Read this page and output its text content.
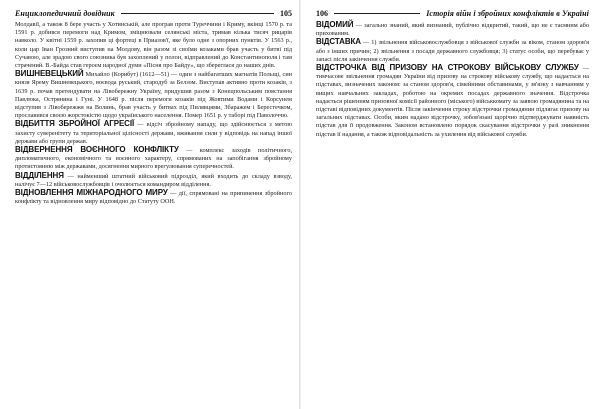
Енциклопедичний довідник	105

Молдавії, а також 8 бере участь у Хотинській, але програв проти Туреччини і Криму, вкінці 1570 р. та 1591 р. добився перемоги над Кримом, зміцнювали селянські міста, тримав кілька тисяч рицарів навколо. У квітні 1559 р. захопив ці фортеці в Приазов'ї, яке було одне з опорних пунктів. У 1563 р., коли цар Іван Грозний виступив на Молдову, він разом зі своїми козаками брав участь у битві під Сучавою, але зрадою свого союзника був захоплений у полон, відправлений до Константинополя і там страчений. В.-Байда став героєм народної думи «Пісня про Байду», що збереглася до наших днів.

ВИШНЕВЕЦЬКИЙ Михайло (Корибут) (1612—51) — один з найбагатших магнатів Польщі, син князя Ярему Вишневецького, воєвода руський, стародуб за Белзом. Виступав активно проти козаків, з 1639 р. почав претендувати на Лівобережну Україну, придушив разом з Конецпольським повстання Павлюка, Острянина і Гуні. У 1648 р. після перемоги козаків під Жовтими Водами і Корсунем відступив з Лівобережжя на Волинь, брав участь у битвах під Пилявцями, Збаражем і Берестечком, прославився своєю жорстокістю щодо українського населення. Помер 1651 р. у таборі під Паволоччю.

ВІДБИТТЯ ЗБРОЙНОЇ АГРЕСІЇ — відсіч збройному нападу, що здійснюється з метою захисту суверенітету та територіальної цілісності держави, вживання сили у відповідь на напад іншої держави або групи держав.

ВІДВЕРНЕННЯ ВОЄННОГО КОНФЛІКТУ — комплекс заходів політичного, дипломатичного, економічного та воєнного характеру, спрямованих на запобігання збройному протистоянню між державами, досягнення мирного врегулювання суперечностей.

ВІДДІЛЕННЯ — найменший штатний військовий підрозділ, який входить до складу взводу, налічує 7—12 військовослужбовців і очолюється командиром відділення.

ВІДНОВЛЕННЯ МІЖНАРОДНОГО МИРУ — дії, спрямовані на припинення збройного конфлікту та відновлення миру відповідно до Статуту ООН.

106	Історія війн і збройних конфліктів в Україні

ВІДОМИЙ — загально знаний, який визнаний, публічно відкритий, такий, що не є таємним або прихованим.

ВІДСТАВКА — 1) звільнення військовослужбовця з військової служби за віком, станом здоров'я або з інших причин; 2) звільнення з посади державного службовця; 3) статус особи, що перебуває у запасі після закінчення служби.

ВІДСТРОЧКА ВІД ПРИЗОВУ НА СТРОКОВУ ВІЙСЬКОВУ СЛУЖБУ — тимчасове звільнення громадян України від призову на строкову військову службу, що надається на підставах, визначених законом: за станом здоров'я, сімейними обставинами, у зв'язку з навчанням у вищих навчальних закладах, роботою на окремих посадах державного значення. Відстрочка надається рішенням призовної комісії районного (міського) військкомату за заявою громадянина та на підставі відповідних документів. Після закінчення строку відстрочки громадянин підлягає призову на загальних підставах. Особи, яким надано відстрочку, зобов'язані щорічно підтверджувати наявність підстав для її продовження. Законом встановлено порядок скасування відстрочки у разі зникнення підстав її надання, а також відповідальність за ухилення від військової служби.
